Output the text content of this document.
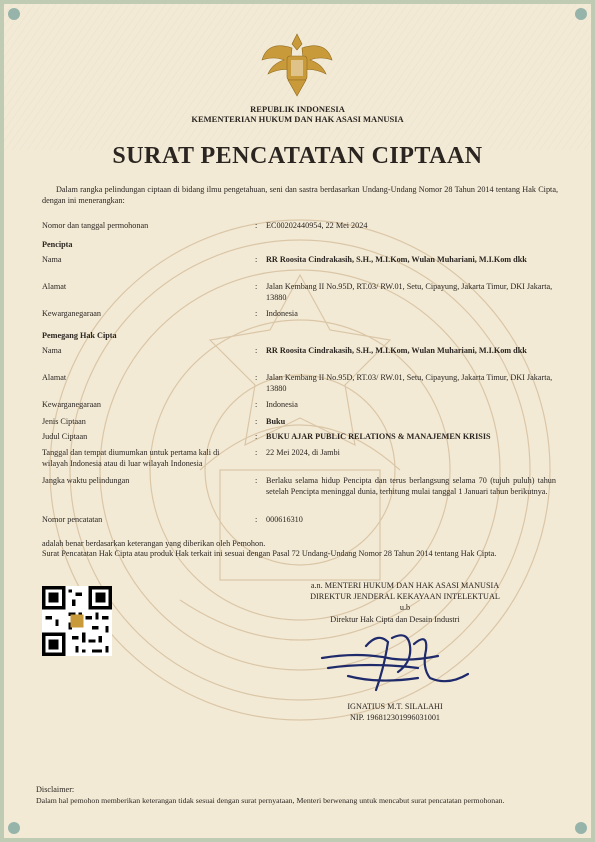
REPUBLIK INDONESIA
KEMENTERIAN HUKUM DAN HAK ASASI MANUSIA
SURAT PENCATATAN CIPTAAN
Dalam rangka pelindungan ciptaan di bidang ilmu pengetahuan, seni dan sastra berdasarkan Undang-Undang Nomor 28 Tahun 2014 tentang Hak Cipta, dengan ini menerangkan:
Nomor dan tanggal permohonan	: EC00202440954, 22 Mei 2024
Pencipta
Nama	: RR Roosita Cindrakasih, S.H., M.I.Kom, Wulan Muhariani, M.I.Kom dkk
Alamat	: Jalan Kembang II No.95D, RT.03/ RW.01, Setu, Cipayung, Jakarta Timur, DKI Jakarta, 13880
Kewarganegaraan	: Indonesia
Pemegang Hak Cipta
Nama	: RR Roosita Cindrakasih, S.H., M.I.Kom, Wulan Muhariani, M.I.Kom dkk
Alamat	: Jalan Kembang II No.95D, RT.03/ RW.01, Setu, Cipayung, Jakarta Timur, DKI Jakarta, 13880
Kewarganegaraan	: Indonesia
Jenis Ciptaan	: Buku
Judul Ciptaan	: BUKU AJAR PUBLIC RELATIONS & MANAJEMEN KRISIS
Tanggal dan tempat diumumkan untuk pertama kali di wilayah Indonesia atau di luar wilayah Indonesia
: 22 Mei 2024, di Jambi
Jangka waktu pelindungan	: Berlaku selama hidup Pencipta dan terus berlangsung selama 70 (tujuh puluh) tahun setelah Pencipta meninggal dunia, terhitung mulai tanggal 1 Januari tahun berikutnya.
Nomor pencatatan	: 000616310
adalah benar berdasarkan keterangan yang diberikan oleh Pemohon.
Surat Pencatatan Hak Cipta atau produk Hak terkait ini sesuai dengan Pasal 72 Undang-Undang Nomor 28 Tahun 2014 tentang Hak Cipta.
a.n. MENTERI HUKUM DAN HAK ASASI MANUSIA
DIREKTUR JENDERAL KEKAYAAN INTELEKTUAL
u.b
Direktur Hak Cipta dan Desain Industri
IGNATIUS M.T. SILALAHI
NIP. 196812301996031001
Disclaimer:
Dalam hal pemohon memberikan keterangan tidak sesuai dengan surat pernyataan, Menteri berwenang untuk mencabut surat pencatatan permohonan.
